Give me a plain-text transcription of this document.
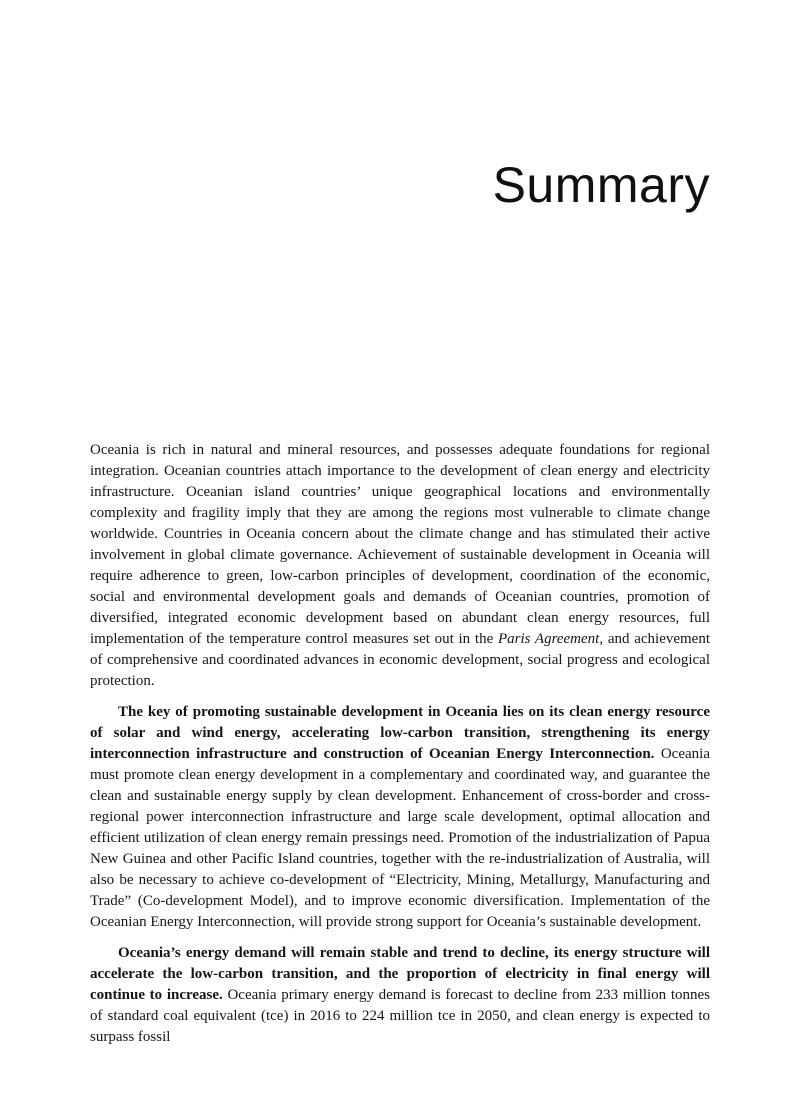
Summary

Oceania is rich in natural and mineral resources, and possesses adequate foundations for regional integration. Oceanian countries attach importance to the development of clean energy and electricity infrastructure. Oceanian island countries’ unique geographical locations and environmentally complexity and fragility imply that they are among the regions most vulnerable to climate change worldwide. Countries in Oceania concern about the climate change and has stimulated their active involvement in global climate governance. Achievement of sustainable development in Oceania will require adherence to green, low-carbon principles of development, coordination of the economic, social and environmental development goals and demands of Oceanian countries, promotion of diversified, integrated economic development based on abundant clean energy resources, full implementation of the temperature control measures set out in the Paris Agreement, and achievement of comprehensive and coordinated advances in economic development, social progress and ecological protection.

The key of promoting sustainable development in Oceania lies on its clean energy resource of solar and wind energy, accelerating low-carbon transition, strengthening its energy interconnection infrastructure and construction of Oceanian Energy Interconnection. Oceania must promote clean energy development in a complementary and coordinated way, and guarantee the clean and sustainable energy supply by clean development. Enhancement of cross-border and cross-regional power interconnection infrastructure and large scale development, optimal allocation and efficient utilization of clean energy remain pressings need. Promotion of the industrialization of Papua New Guinea and other Pacific Island countries, together with the re-industrialization of Australia, will also be necessary to achieve co-development of “Electricity, Mining, Metallurgy, Manufacturing and Trade” (Co-development Model), and to improve economic diversification. Implementation of the Oceanian Energy Interconnection, will provide strong support for Oceania’s sustainable development.

Oceania’s energy demand will remain stable and trend to decline, its energy structure will accelerate the low-carbon transition, and the proportion of electricity in final energy will continue to increase. Oceania primary energy demand is forecast to decline from 233 million tonnes of standard coal equivalent (tce) in 2016 to 224 million tce in 2050, and clean energy is expected to surpass fossil
